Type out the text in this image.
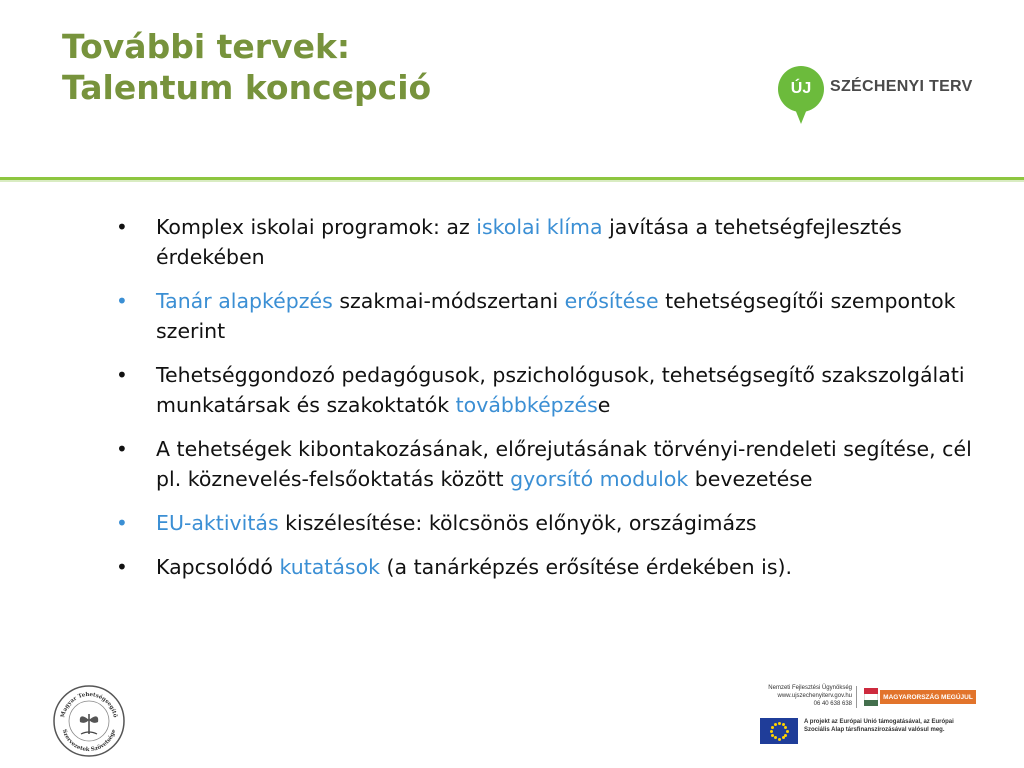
További tervek:
Talentum koncepció	ÚJ SZÉCHENYI TERV
• Komplex iskolai programok: az iskolai klíma javítása a tehetségfejlesztés érdekében
• Tanár alapképzés szakmai-módszertani erősítése tehetségsegítői szempontok szerint
• Tehetséggondozó pedagógusok, pszichológusok, tehetségsegítő szakszolgálati munkatársak és szakoktatók továbbképzése
• A tehetségek kibontakozásának, előrejutásának törvényi-rendeleti segítése, cél pl. köznevelés-felsőoktatás között gyorsító modulok bevezetése
• EU-aktivitás kiszélesítése: kölcsönös előnyök, országimázs
• Kapcsolódó kutatások (a tanárképzés erősítése érdekében is).
Magyar Tehetségsegítő
Szervezetek Szövetsége
Nemzeti Fejlesztési Ügynökség
www.ujszechenyiterv.gov.hu
06 40 638 638
MAGYARORSZÁG MEGÚJUL
A projekt az Európai Unió támogatásával, az Európai Szociális Alap társfinanszírozásával valósul meg.
